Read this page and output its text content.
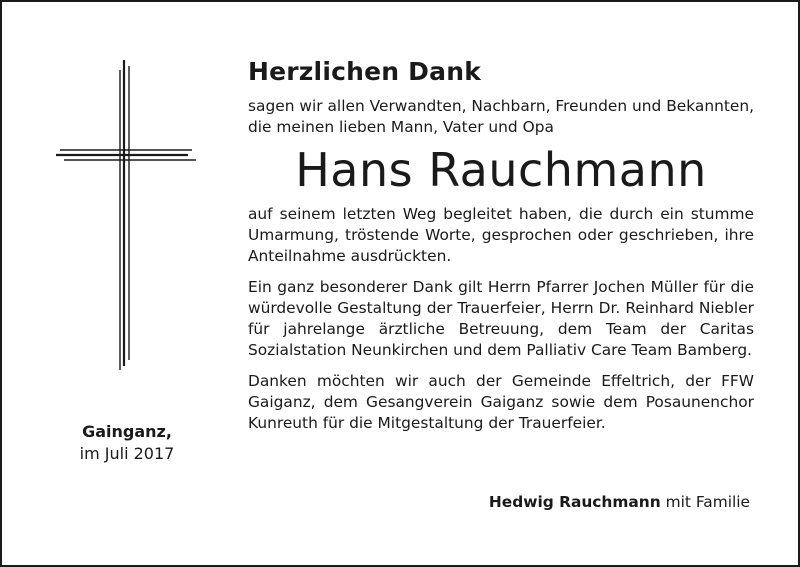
Gainganz,
im Juli 2017

Herzlichen Dank

sagen wir allen Verwandten, Nachbarn, Freunden und Bekannten, die meinen lieben Mann, Vater und Opa

Hans Rauchmann

auf seinem letzten Weg begleitet haben, die durch ein stumme Umarmung, tröstende Worte, gesprochen oder geschrieben, ihre Anteilnahme ausdrückten.

Ein ganz besonderer Dank gilt Herrn Pfarrer Jochen Müller für die würdevolle Gestaltung der Trauerfeier, Herrn Dr. Reinhard Niebler für jahrelange ärztliche Betreuung, dem Team der Caritas Sozialstation Neunkirchen und dem Palliativ Care Team Bamberg.

Danken möchten wir auch der Gemeinde Effeltrich, der FFW Gaiganz, dem Gesangverein Gaiganz sowie dem Posaunenchor Kunreuth für die Mitgestaltung der Trauerfeier.

Hedwig Rauchmann mit Familie
